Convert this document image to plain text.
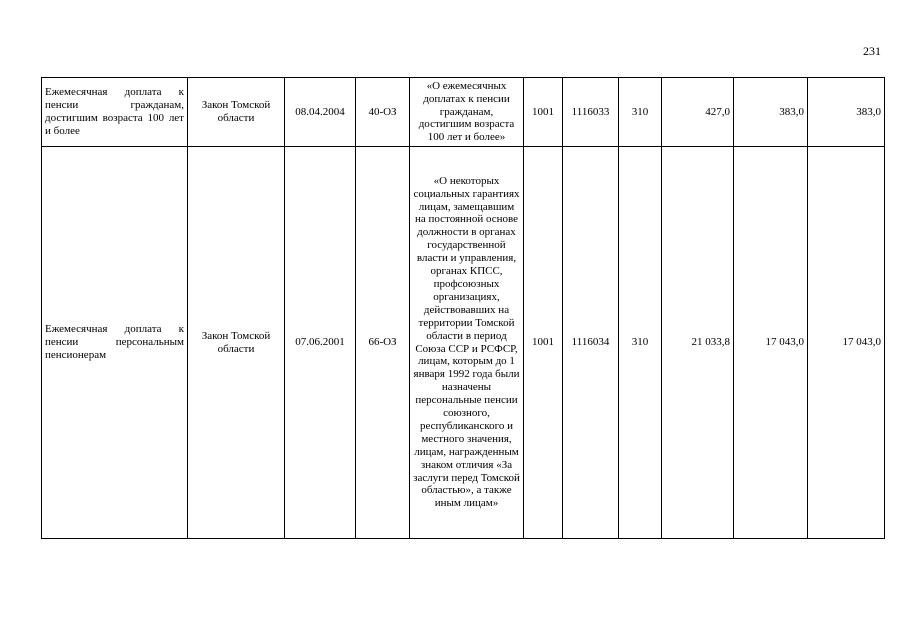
231
Ежемесячная доплата к пенсии гражданам, достигшим возраста 100 лет и более	Закон Томской области	08.04.2004	40-ОЗ	«О ежемесячных доплатах к пенсии гражданам, достигшим возраста 100 лет и более»	1001	1116033	310	427,0	383,0	383,0
Ежемесячная доплата к пенсии персональным пенсионерам	Закон Томской области	07.06.2001	66-ОЗ	«О некоторых социальных гарантиях лицам, замещавшим на постоянной основе должности в органах государственной власти и управления, органах КПСС, профсоюзных организациях, действовавших на территории Томской области в период Союза ССР и РСФСР, лицам, которым до 1 января 1992 года были назначены персональные пенсии союзного, республиканского и местного значения, лицам, награжденным знаком отличия «За заслуги перед Томской областью», а также иным лицам»	1001	1116034	310	21 033,8	17 043,0	17 043,0
